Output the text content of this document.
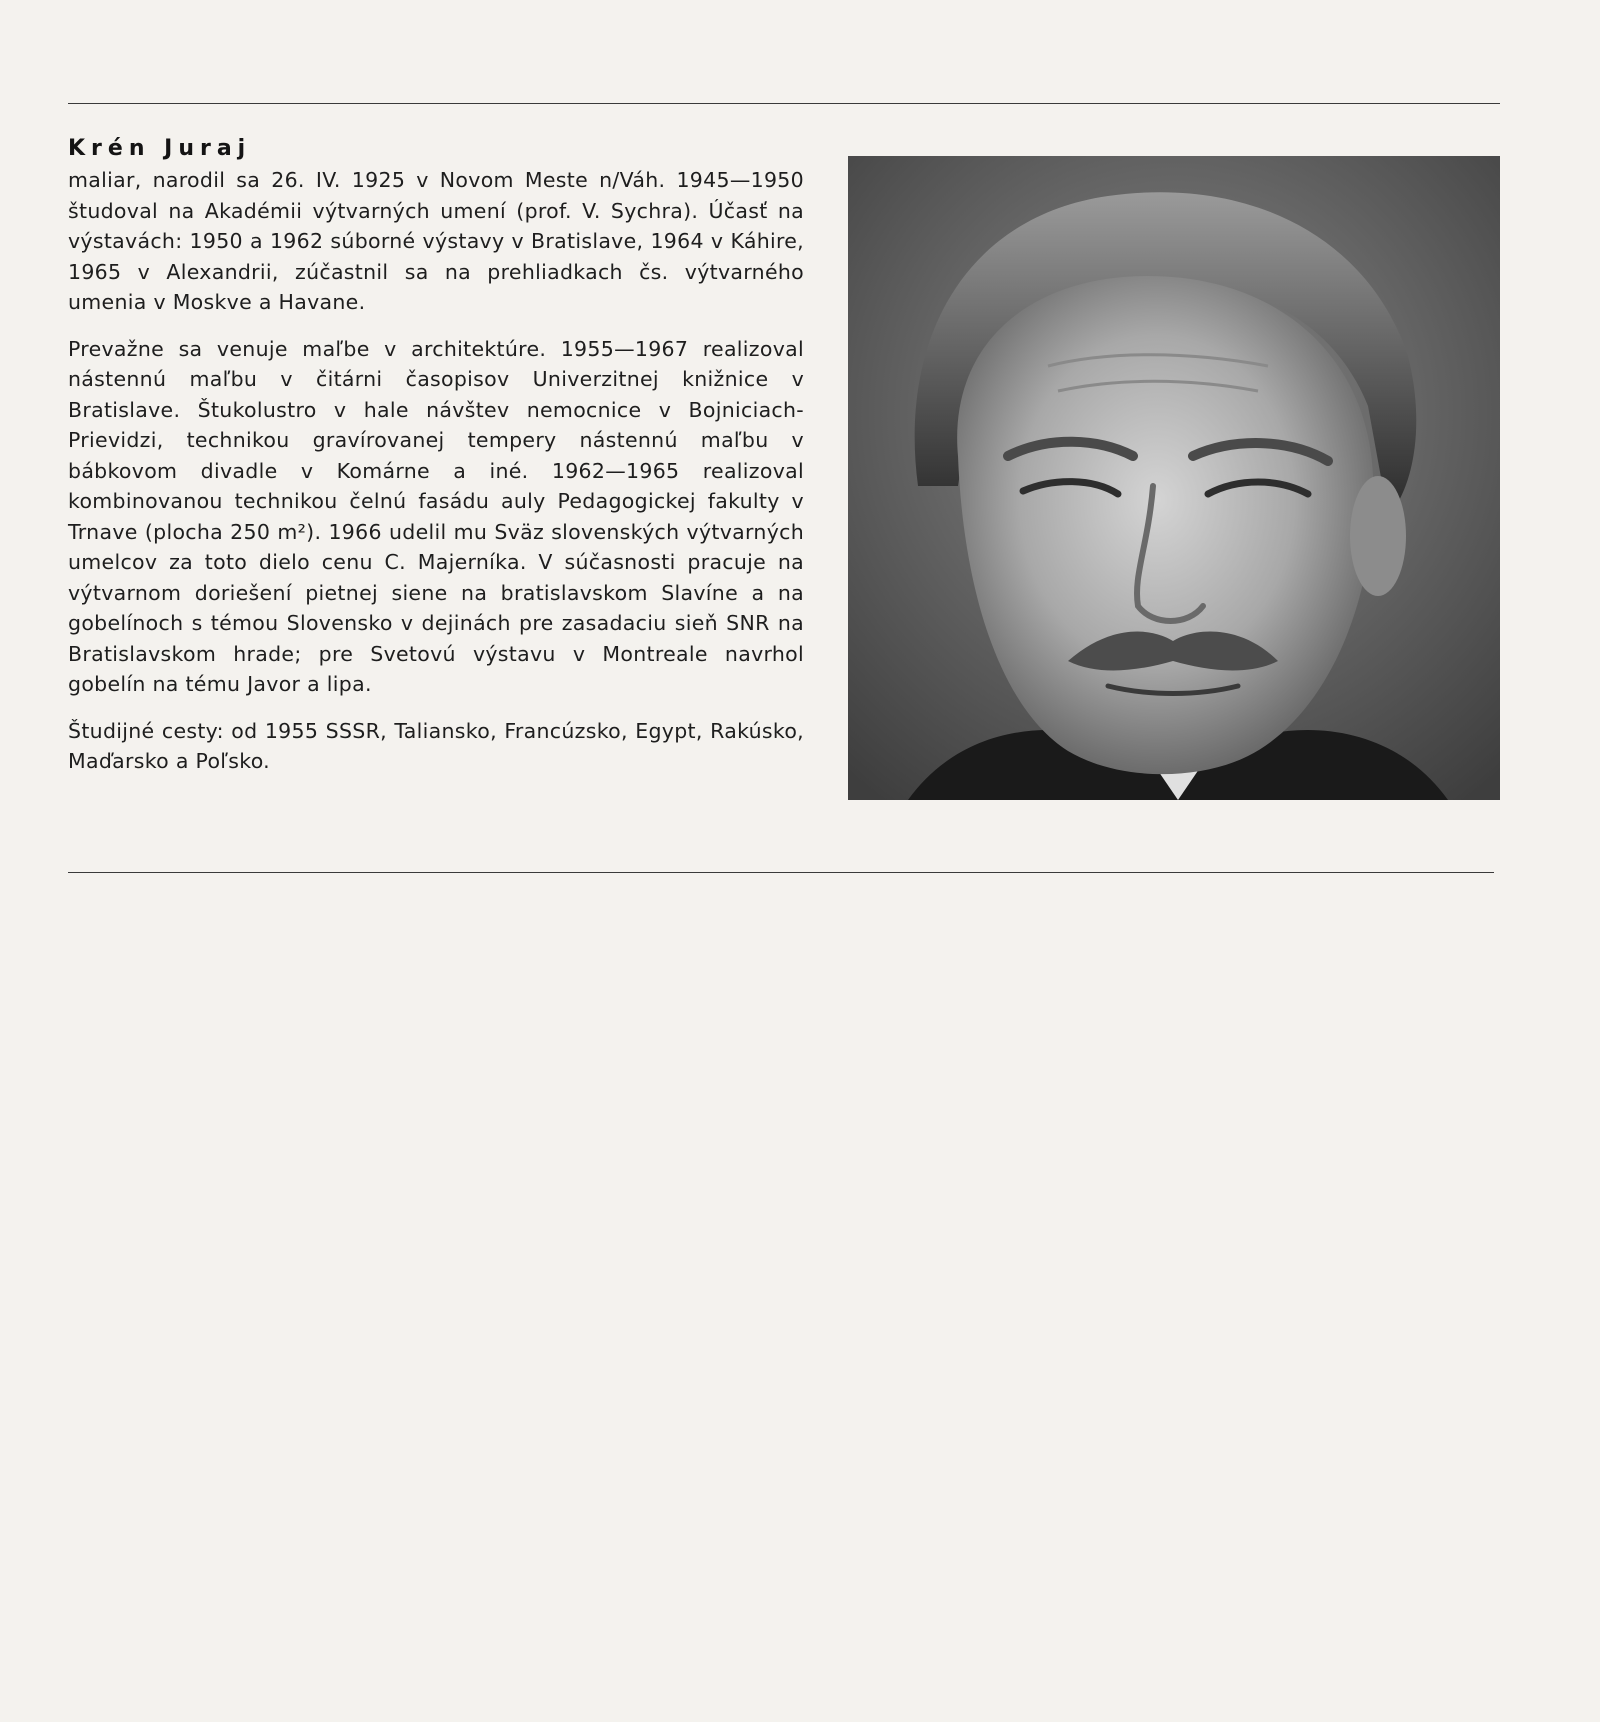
Krén Juraj

maliar, narodil sa 26. IV. 1925 v Novom Meste n/Váh. 1945—1950 študoval na Akadémii výtvarných umení (prof. V. Sychra). Účasť na výstavách: 1950 a 1962 súborné výstavy v Bratislave, 1964 v Káhire, 1965 v Alexandrii, zúčastnil sa na prehliadkach čs. výtvarného umenia v Moskve a Havane.

Prevažne sa venuje maľbe v architektúre. 1955—1967 realizoval nástennú maľbu v čitárni časopisov Univerzitnej knižnice v Bratislave. Štukolustro v hale návštev nemocnice v Bojniciach-Prievidzi, technikou gravírovanej tempery nástennú maľbu v bábkovom divadle v Komárne a iné. 1962—1965 realizoval kombinovanou technikou čelnú fasádu auly Pedagogickej fakulty v Trnave (plocha 250 m²). 1966 udelil mu Sväz slovenských výtvarných umelcov za toto dielo cenu C. Majerníka. V súčasnosti pracuje na výtvarnom doriešení pietnej siene na bratislavskom Slavíne a na gobelínoch s témou Slovensko v dejinách pre zasadaciu sieň SNR na Bratislavskom hrade; pre Svetovú výstavu v Montreale navrhol gobelín na tému Javor a lipa.

Študijné cesty: od 1955 SSSR, Taliansko, Francúzsko, Egypt, Rakúsko, Maďarsko a Poľsko.
